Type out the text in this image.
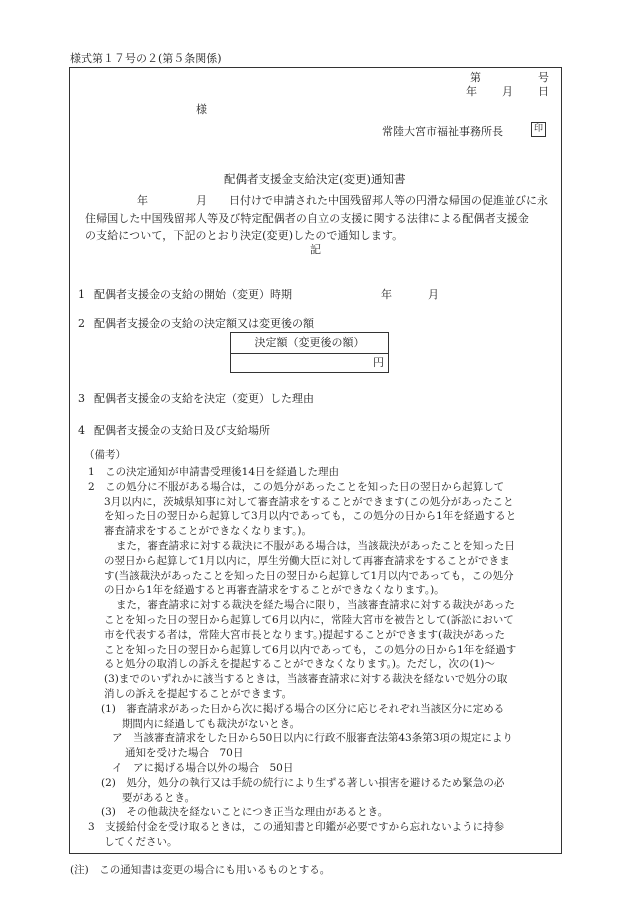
様式第１７号の２(第５条関係)
第	号
年 月 日
様
常陸大宮市福祉事務所長	印
配偶者支援金支給決定(変更)通知書
年	月 日付けで申請された中国残留邦人等の円滑な帰国の促進並びに永
住帰国した中国残留邦人等及び特定配偶者の自立の支援に関する法律による配偶者支援金
の支給について，下記のとおり決定(変更)したので通知します。
記
1 配偶者支援金の支給の開始（変更）時期	年	月
2 配偶者支援金の支給の決定額又は変更後の額
決定額（変更後の額）
円
3 配偶者支援金の支給を決定（変更）した理由
4 配偶者支援金の支給日及び支給場所
（備考）
1　この決定通知が申請書受理後14日を経過した理由
2　この処分に不服がある場合は，この処分があったことを知った日の翌日から起算して
3月以内に，茨城県知事に対して審査請求をすることができます(この処分があったこと
を知った日の翌日から起算して3月以内であっても，この処分の日から1年を経過すると
審査請求をすることができなくなります。)。
また，審査請求に対する裁決に不服がある場合は，当該裁決があったことを知った日
の翌日から起算して1月以内に，厚生労働大臣に対して再審査請求をすることができま
す(当該裁決があったことを知った日の翌日から起算して1月以内であっても，この処分
の日から1年を経過すると再審査請求をすることができなくなります。)。
また，審査請求に対する裁決を経た場合に限り，当該審査請求に対する裁決があった
ことを知った日の翌日から起算して6月以内に，常陸大宮市を被告として(訴訟において
市を代表する者は，常陸大宮市長となります。)提起することができます(裁決があった
ことを知った日の翌日から起算して6月以内であっても，この処分の日から1年を経過す
ると処分の取消しの訴えを提起することができなくなります。)。ただし，次の(1)～
(3)までのいずれかに該当するときは，当該審査請求に対する裁決を経ないで処分の取
消しの訴えを提起することができます。
(1)　審査請求があった日から次に掲げる場合の区分に応じそれぞれ当該区分に定める
期間内に経過しても裁決がないとき。
ア　当該審査請求をした日から50日以内に行政不服審査法第43条第3項の規定により
通知を受けた場合　70日
イ　アに掲げる場合以外の場合　50日
(2)　処分，処分の執行又は手続の続行により生ずる著しい損害を避けるため緊急の必
要があるとき。
(3)　その他裁決を経ないことにつき正当な理由があるとき。
3　支援給付金を受け取るときは，この通知書と印鑑が必要ですから忘れないように持参
してください。
(注)　この通知書は変更の場合にも用いるものとする。
